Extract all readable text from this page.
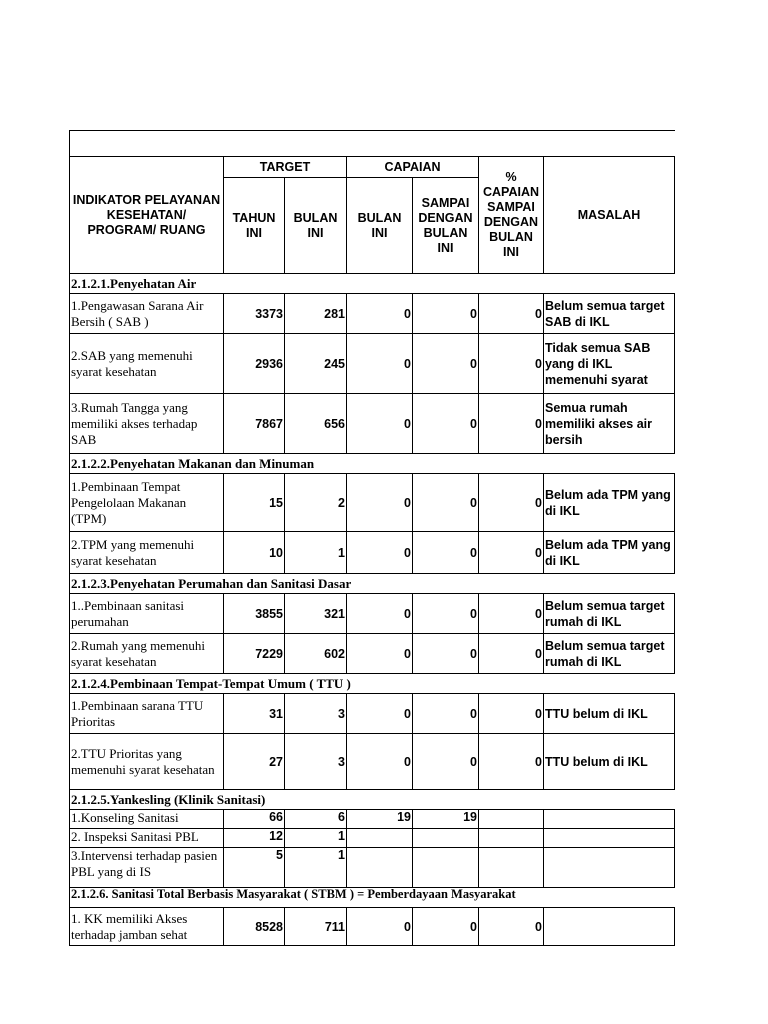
INDIKATOR PELAYANAN KESEHATAN/ PROGRAM/ RUANG	TARGET		CAPAIAN		% CAPAIAN SAMPAI DENGAN BULAN INI	MASALAH
	TAHUN INI	BULAN INI	BULAN INI	SAMPAI DENGAN BULAN INI		
2.1.2.1.Penyehatan Air						
1.Pengawasan Sarana Air Bersih ( SAB )	3373	281	0	0	0	Belum semua target SAB di IKL
2.SAB yang memenuhi syarat kesehatan	2936	245	0	0	0	Tidak semua SAB yang di IKL memenuhi syarat
3.Rumah Tangga yang memiliki akses terhadap SAB	7867	656	0	0	0	Semua rumah memiliki akses air bersih
2.1.2.2.Penyehatan Makanan dan Minuman						
1.Pembinaan Tempat Pengelolaan Makanan (TPM)	15	2	0	0	0	Belum ada TPM yang di IKL
2.TPM yang memenuhi syarat kesehatan	10	1	0	0	0	Belum ada TPM yang di IKL
2.1.2.3.Penyehatan Perumahan dan Sanitasi Dasar						
1..Pembinaan sanitasi perumahan	3855	321	0	0	0	Belum semua target rumah di IKL
2.Rumah yang memenuhi syarat kesehatan	7229	602	0	0	0	Belum semua target rumah di IKL
2.1.2.4.Pembinaan Tempat-Tempat Umum ( TTU )						
1.Pembinaan sarana TTU Prioritas	31	3	0	0	0	TTU belum di IKL
2.TTU Prioritas yang memenuhi syarat kesehatan	27	3	0	0	0	TTU belum di IKL
2.1.2.5.Yankesling (Klinik Sanitasi)						
1.Konseling Sanitasi	66	6	19	19		
2. Inspeksi Sanitasi PBL	12	1				
3.Intervensi terhadap pasien PBL yang di IS	5	1				
2.1.2.6. Sanitasi Total Berbasis Masyarakat ( STBM ) = Pemberdayaan Masyarakat						
1. KK memiliki Akses terhadap jamban sehat	8528	711	0	0	0	
